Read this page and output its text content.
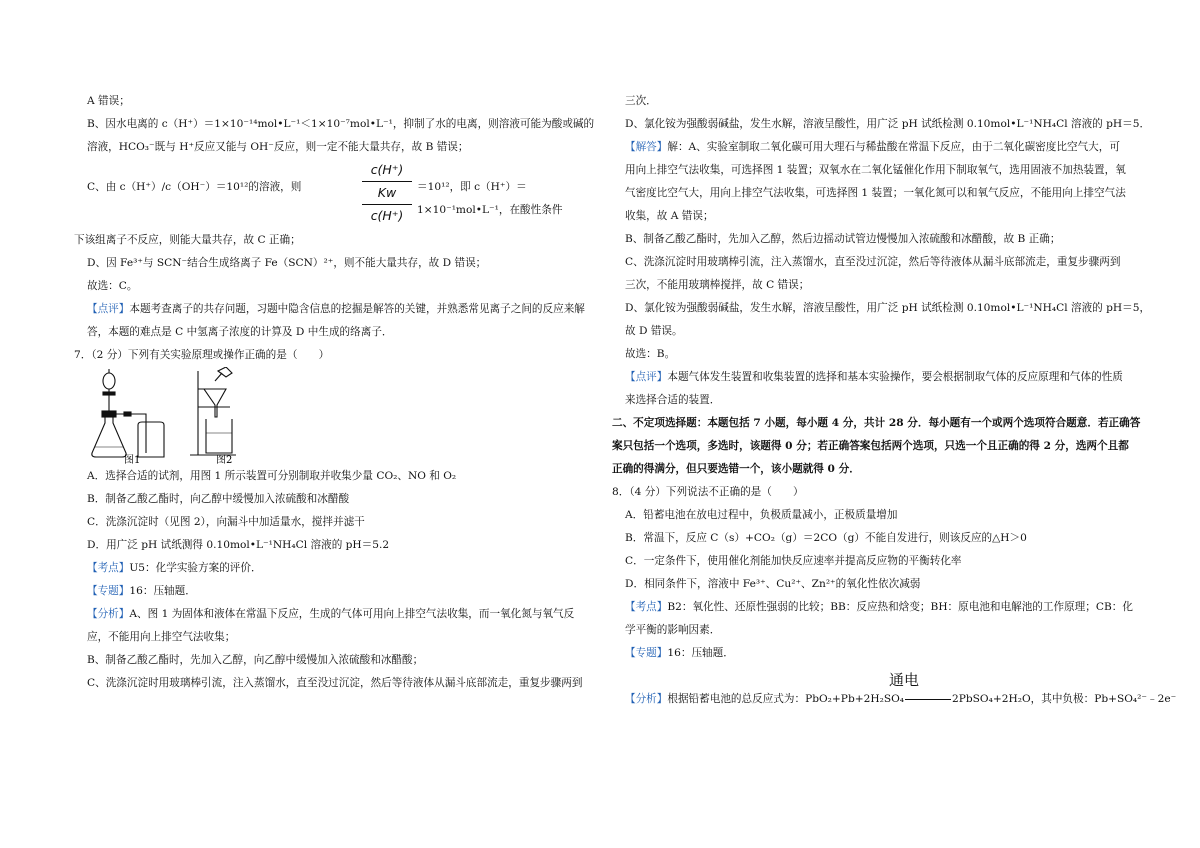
A 错误；
B、因水电离的 c（H⁺）＝1×10⁻¹⁴mol•L⁻¹＜1×10⁻⁷mol•L⁻¹，抑制了水的电离，则溶液可能为酸或碱的
溶液，HCO₃⁻既与 H⁺反应又能与 OH⁻反应，则一定不能大量共存，故 B 错误；
C、由 c（H⁺）/c（OH⁻）＝10¹²的溶液，则
c(H⁺)
Kw
c(H⁺)
＝10¹²，即 c（H⁺）＝1×10⁻¹mol•L⁻¹，在酸性条件
下该组离子不反应，则能大量共存，故 C 正确；
D、因 Fe³⁺与 SCN⁻结合生成络离子 Fe（SCN）²⁺，则不能大量共存，故 D 错误；
故选：C。
【点评】本题考查离子的共存问题，习题中隐含信息的挖掘是解答的关键，并熟悉常见离子之间的反应来解
答，本题的难点是 C 中氢离子浓度的计算及 D 中生成的络离子．
7．（2 分）下列有关实验原理或操作正确的是（　　）
图1	图2
A．选择合适的试剂，用图 1 所示装置可分别制取并收集少量 CO₂、NO 和 O₂
B．制备乙酸乙酯时，向乙醇中缓慢加入浓硫酸和冰醋酸
C．洗涤沉淀时（见图 2），向漏斗中加适量水，搅拌并滤干
D．用广泛 pH 试纸测得 0.10mol•L⁻¹NH₄Cl 溶液的 pH＝5.2
【考点】U5：化学实验方案的评价．
【专题】16：压轴题．
【分析】A、图 1 为固体和液体在常温下反应，生成的气体可用向上排空气法收集，而一氧化氮与氧气反
应，不能用向上排空气法收集；
B、制备乙酸乙酯时，先加入乙醇，向乙醇中缓慢加入浓硫酸和冰醋酸；
C、洗涤沉淀时用玻璃棒引流，注入蒸馏水，直至没过沉淀，然后等待液体从漏斗底部流走，重复步骤两到
三次．
D、氯化铵为强酸弱碱盐，发生水解，溶液呈酸性，用广泛 pH 试纸检测 0.10mol•L⁻¹NH₄Cl 溶液的 pH＝5．
【解答】解：A、实验室制取二氧化碳可用大理石与稀盐酸在常温下反应，由于二氧化碳密度比空气大，可
用向上排空气法收集，可选择图 1 装置；双氧水在二氧化锰催化作用下制取氧气，选用固液不加热装置，氧
气密度比空气大，用向上排空气法收集，可选择图 1 装置；一氧化氮可以和氧气反应，不能用向上排空气法
收集，故 A 错误；
B、制备乙酸乙酯时，先加入乙醇，然后边摇动试管边慢慢加入浓硫酸和冰醋酸，故 B 正确；
C、洗涤沉淀时用玻璃棒引流，注入蒸馏水，直至没过沉淀，然后等待液体从漏斗底部流走，重复步骤两到
三次，不能用玻璃棒搅拌，故 C 错误；
D、氯化铵为强酸弱碱盐，发生水解，溶液呈酸性，用广泛 pH 试纸检测 0.10mol•L⁻¹NH₄Cl 溶液的 pH＝5，
故 D 错误。
故选：B。
【点评】本题气体发生装置和收集装置的选择和基本实验操作，要会根据制取气体的反应原理和气体的性质
来选择合适的装置．
二、不定项选择题：本题包括 7 小题，每小题 4 分，共计 28 分．每小题有一个或两个选项符合题意．若正确答
案只包括一个选项，多选时，该题得 0 分；若正确答案包括两个选项，只选一个且正确的得 2 分，选两个且都
正确的得满分，但只要选错一个，该小题就得 0 分．
8．（4 分）下列说法不正确的是（　　）
A．铅蓄电池在放电过程中，负极质量减小，正极质量增加
B．常温下，反应 C（s）+CO₂（g）＝2CO（g）不能自发进行，则该反应的△H＞0
C．一定条件下，使用催化剂能加快反应速率并提高反应物的平衡转化率
D．相同条件下，溶液中 Fe³⁺、Cu²⁺、Zn²⁺的氧化性依次减弱
【考点】B2：氧化性、还原性强弱的比较；BB：反应热和焓变；BH：原电池和电解池的工作原理；CB：化
学平衡的影响因素．
【专题】16：压轴题．
通电
【分析】根据铅蓄电池的总反应式为：PbO₂+Pb+2H₂SO₄	2PbSO₄+2H₂O，其中负极：Pb+SO₄²⁻﹣2e⁻
